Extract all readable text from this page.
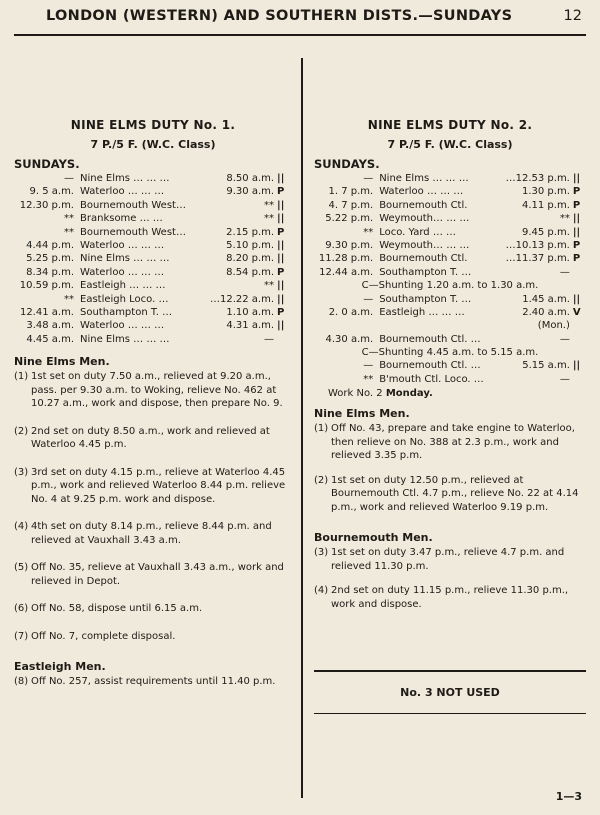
LONDON (WESTERN) AND SOUTHERN DISTS.—SUNDAYS	12
NINE ELMS DUTY No. 1.
7 P./5 F. (W.C. Class)
SUNDAYS.
—	Nine Elms … … …	8.50 a.m.	||
9. 5 a.m.	Waterloo … … …	9.30 a.m.	P
12.30 p.m.	Bournemouth West…	**	||
**	Branksome … …	**	||
**	Bournemouth West…	2.15 p.m.	P
4.44 p.m.	Waterloo … … …	5.10 p.m.	||
5.25 p.m.	Nine Elms … … …	8.20 p.m.	||
8.34 p.m.	Waterloo … … …	8.54 p.m.	P
10.59 p.m.	Eastleigh … … …	**	||
**	Eastleigh Loco. …	…12.22 a.m.	||
12.41 a.m.	Southampton T. …	1.10 a.m.	P
3.48 a.m.	Waterloo … … …	4.31 a.m.	||
4.45 a.m.	Nine Elms … … …	—	
Nine Elms Men.
(1) 1st set on duty 7.50 a.m., relieved at 9.20 a.m., pass. per 9.30 a.m. to Woking, relieve No. 462 at 10.27 a.m., work and dispose, then prepare No. 9.
(2) 2nd set on duty 8.50 a.m., work and relieved at Waterloo 4.45 p.m.
(3) 3rd set on duty 4.15 p.m., relieve at Waterloo 4.45 p.m., work and relieved Waterloo 8.44 p.m. relieve No. 4 at 9.25 p.m. work and dispose.
(4) 4th set on duty 8.14 p.m., relieve 8.44 p.m. and relieved at Vauxhall 3.43 a.m.
(5) Off No. 35, relieve at Vauxhall 3.43 a.m., work and relieved in Depot.
(6) Off No. 58, dispose until 6.15 a.m.
(7) Off No. 7, complete disposal.
Eastleigh Men.
(8) Off No. 257, assist requirements until 11.40 p.m.
NINE ELMS DUTY No. 2.
7 P./5 F. (W.C. Class)
SUNDAYS.
—	Nine Elms … … …	…12.53 p.m.	||
1. 7 p.m.	Waterloo … … …	1.30 p.m.	P
4. 7 p.m.	Bournemouth Ctl.	4.11 p.m.	P
5.22 p.m.	Weymouth… … …	**	||
**	Loco. Yard … …	9.45 p.m.	||
9.30 p.m.	Weymouth… … …	…10.13 p.m.	P
11.28 p.m.	Bournemouth Ctl.	…11.37 p.m.	P
12.44 a.m.	Southampton T. …	—	
C—Shunting 1.20 a.m. to 1.30 a.m.			
—	Southampton T. …	1.45 a.m.	||
2. 0 a.m.	Eastleigh … … …	2.40 a.m.	V
		(Mon.)	
4.30 a.m.	Bournemouth Ctl. …	—	
C—Shunting 4.45 a.m. to 5.15 a.m.			
—	Bournemouth Ctl. …	5.15 a.m.	||
**	B'mouth Ctl. Loco. …	—	
Work No. 2 Monday.
Nine Elms Men.
(1) Off No. 43, prepare and take engine to Waterloo, then relieve on No. 388 at 2.3 p.m., work and relieved 3.35 p.m.
(2) 1st set on duty 12.50 p.m., relieved at Bournemouth Ctl. 4.7 p.m., relieve No. 22 at 4.14 p.m., work and relieved Waterloo 9.19 p.m.
Bournemouth Men.
(3) 1st set on duty 3.47 p.m., relieve 4.7 p.m. and relieved 11.30 p.m.
(4) 2nd set on duty 11.15 p.m., relieve 11.30 p.m., work and dispose.
No. 3 NOT USED
1—3
